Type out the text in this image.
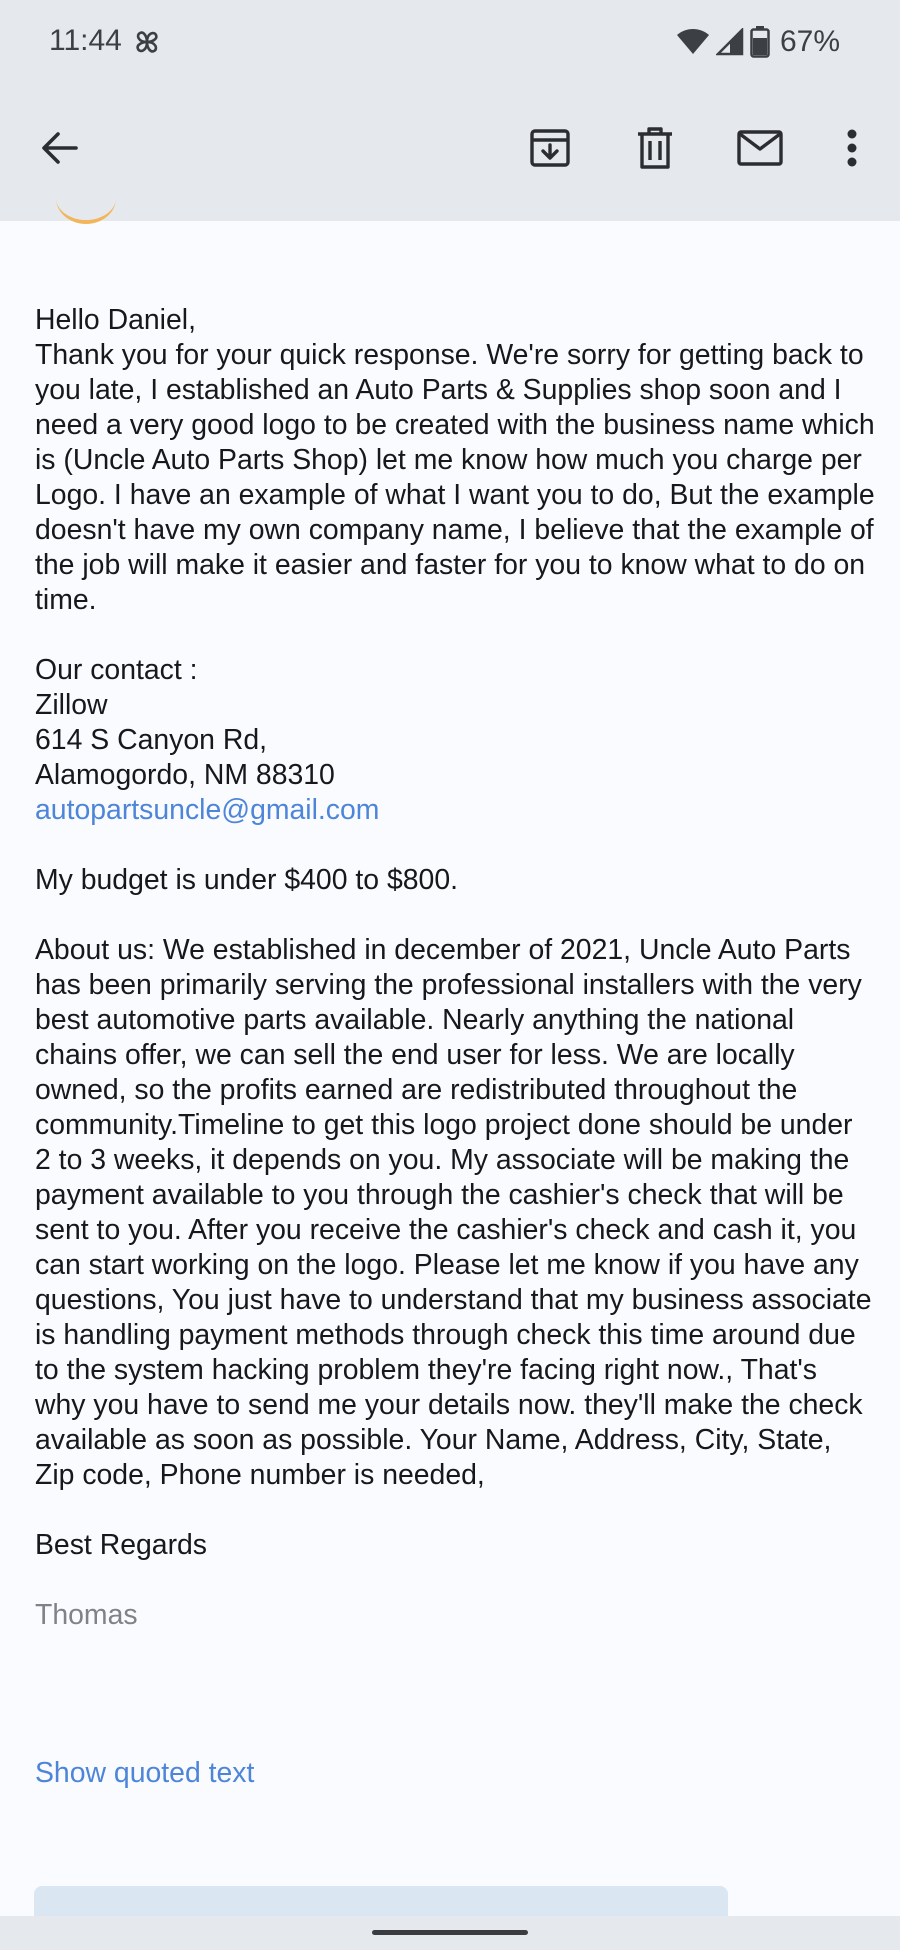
11:44	67%
Hello Daniel,
Thank you for your quick response. We're sorry for getting back to you late, I established an Auto Parts & Supplies shop soon and I need a very good logo to be created with the business name which is (Uncle Auto Parts Shop) let me know how much you charge per Logo. I have an example of what I want you to do, But the example doesn't have my own company name, I believe that the example of the job will make it easier and faster for you to know what to do on time.

Our contact :
Zillow
614 S Canyon Rd,
Alamogordo, NM 88310
autopartsuncle@gmail.com

My budget is under $400 to $800.

About us: We established in december of 2021, Uncle Auto Parts has been primarily serving the professional installers with the very best automotive parts available. Nearly anything the national chains offer, we can sell the end user for less. We are locally owned, so the profits earned are redistributed throughout the community.Timeline to get this logo project done should be under 2 to 3 weeks, it depends on you. My associate will be making the payment available to you through the cashier's check that will be sent to you. After you receive the cashier's check and cash it, you can start working on the logo. Please let me know if you have any questions, You just have to understand that my business associate is handling payment methods through check this time around due to the system hacking problem they're facing right now., That's why you have to send me your details now. they'll make the check available as soon as possible. Your Name, Address, City, State, Zip code, Phone number is needed,

Best Regards

Thomas
Show quoted text
